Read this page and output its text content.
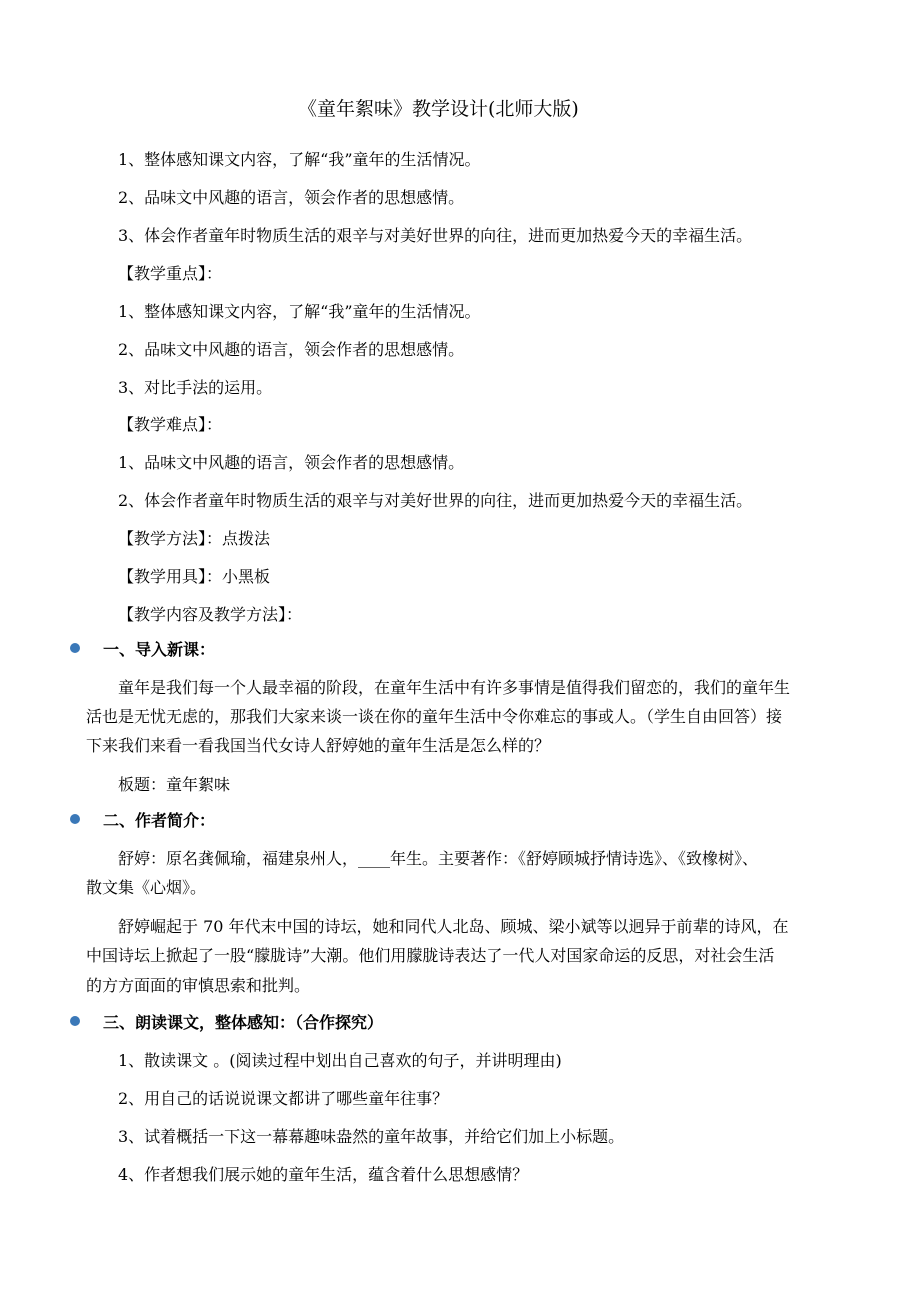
《童年絮味》教学设计(北师大版)
1、整体感知课文内容，了解“我”童年的生活情况。
2、品味文中风趣的语言，领会作者的思想感情。
3、体会作者童年时物质生活的艰辛与对美好世界的向往，进而更加热爱今天的幸福生活。
【教学重点】：
1、整体感知课文内容，了解“我”童年的生活情况。
2、品味文中风趣的语言，领会作者的思想感情。
3、对比手法的运用。
【教学难点】：
1、品味文中风趣的语言，领会作者的思想感情。
2、体会作者童年时物质生活的艰辛与对美好世界的向往，进而更加热爱今天的幸福生活。
【教学方法】：点拨法
【教学用具】：小黑板
【教学内容及教学方法】：
一、导入新课：
童年是我们每一个人最幸福的阶段，在童年生活中有许多事情是值得我们留恋的，我们的童年生
活也是无忧无虑的，那我们大家来谈一谈在你的童年生活中令你难忘的事或人。（学生自由回答）接
下来我们来看一看我国当代女诗人舒婷她的童年生活是怎么样的？
板题：童年絮味
二、作者简介：
舒婷：原名龚佩瑜，福建泉州人，____年生。主要著作：《舒婷顾城抒情诗选》、《致橡树》、
散文集《心烟》。
舒婷崛起于 70 年代末中国的诗坛，她和同代人北岛、顾城、梁小斌等以迥异于前辈的诗风，在
中国诗坛上掀起了一股“朦胧诗”大潮。他们用朦胧诗表达了一代人对国家命运的反思，对社会生活
的方方面面的审慎思索和批判。
三、朗读课文，整体感知：（合作探究）
1、散读课文 。(阅读过程中划出自己喜欢的句子，并讲明理由)
2、用自己的话说说课文都讲了哪些童年往事？
3、试着概括一下这一幕幕趣味盎然的童年故事，并给它们加上小标题。
4、作者想我们展示她的童年生活，蕴含着什么思想感情？
